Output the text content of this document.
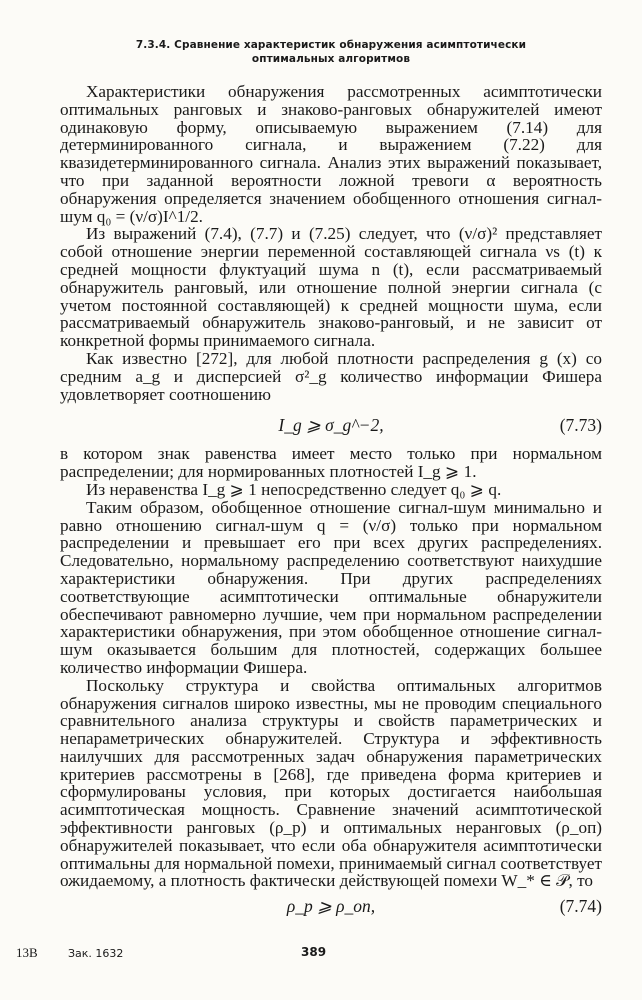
7.3.4. Сравнение характеристик обнаружения асимптотически
оптимальных алгоритмов

Характеристики обнаружения рассмотренных асимптотически оптимальных ранговых и знаково-ранговых обнаружителей имеют одинаковую форму, описываемую выражением (7.14) для детерминированного сигнала, и выражением (7.22) для квазидетерминированного сигнала. Анализ этих выражений показывает, что при заданной вероятности ложной тревоги α вероятность обнаружения определяется значением обобщенного отношения сигнал-шум q₀ = (ν/σ)I^1/2.

Из выражений (7.4), (7.7) и (7.25) следует, что (ν/σ)² представляет собой отношение энергии переменной составляющей сигнала νs (t) к средней мощности флуктуаций шума n (t), если рассматриваемый обнаружитель ранговый, или отношение полной энергии сигнала (с учетом постоянной составляющей) к средней мощности шума, если рассматриваемый обнаружитель знаково-ранговый, и не зависит от конкретной формы принимаемого сигнала.

Как известно [272], для любой плотности распределения g (x) со средним a_g и дисперсией σ²_g количество информации Фишера удовлетворяет соотношению

I_g ⩾ σ_g^−2,	(7.73)

в котором знак равенства имеет место только при нормальном распределении; для нормированных плотностей I_g ⩾ 1.

Из неравенства I_g ⩾ 1 непосредственно следует q₀ ⩾ q.

Таким образом, обобщенное отношение сигнал-шум минимально и равно отношению сигнал-шум q = (ν/σ) только при нормальном распределении и превышает его при всех других распределениях. Следовательно, нормальному распределению соответствуют наихудшие характеристики обнаружения. При других распределениях соответствующие асимптотически оптимальные обнаружители обеспечивают равномерно лучшие, чем при нормальном распределении характеристики обнаружения, при этом обобщенное отношение сигнал-шум оказывается большим для плотностей, содержащих большее количество информации Фишера.

Поскольку структура и свойства оптимальных алгоритмов обнаружения сигналов широко известны, мы не проводим специального сравнительного анализа структуры и свойств параметрических и непараметрических обнаружителей. Структура и эффективность наилучших для рассмотренных задач обнаружения параметрических критериев рассмотрены в [268], где приведена форма критериев и сформулированы условия, при которых достигается наибольшая асимптотическая мощность. Сравнение значений асимптотической эффективности ранговых (ρ_p) и оптимальных неранговых (ρ_оп) обнаружителей показывает, что если оба обнаружителя асимптотически оптимальны для нормальной помехи, принимаемый сигнал соответствует ожидаемому, а плотность фактически действующей помехи W_* ∈ 𝒫, то

ρ_р ⩾ ρ_оп,	(7.74)
13В	Зак. 1632	389
